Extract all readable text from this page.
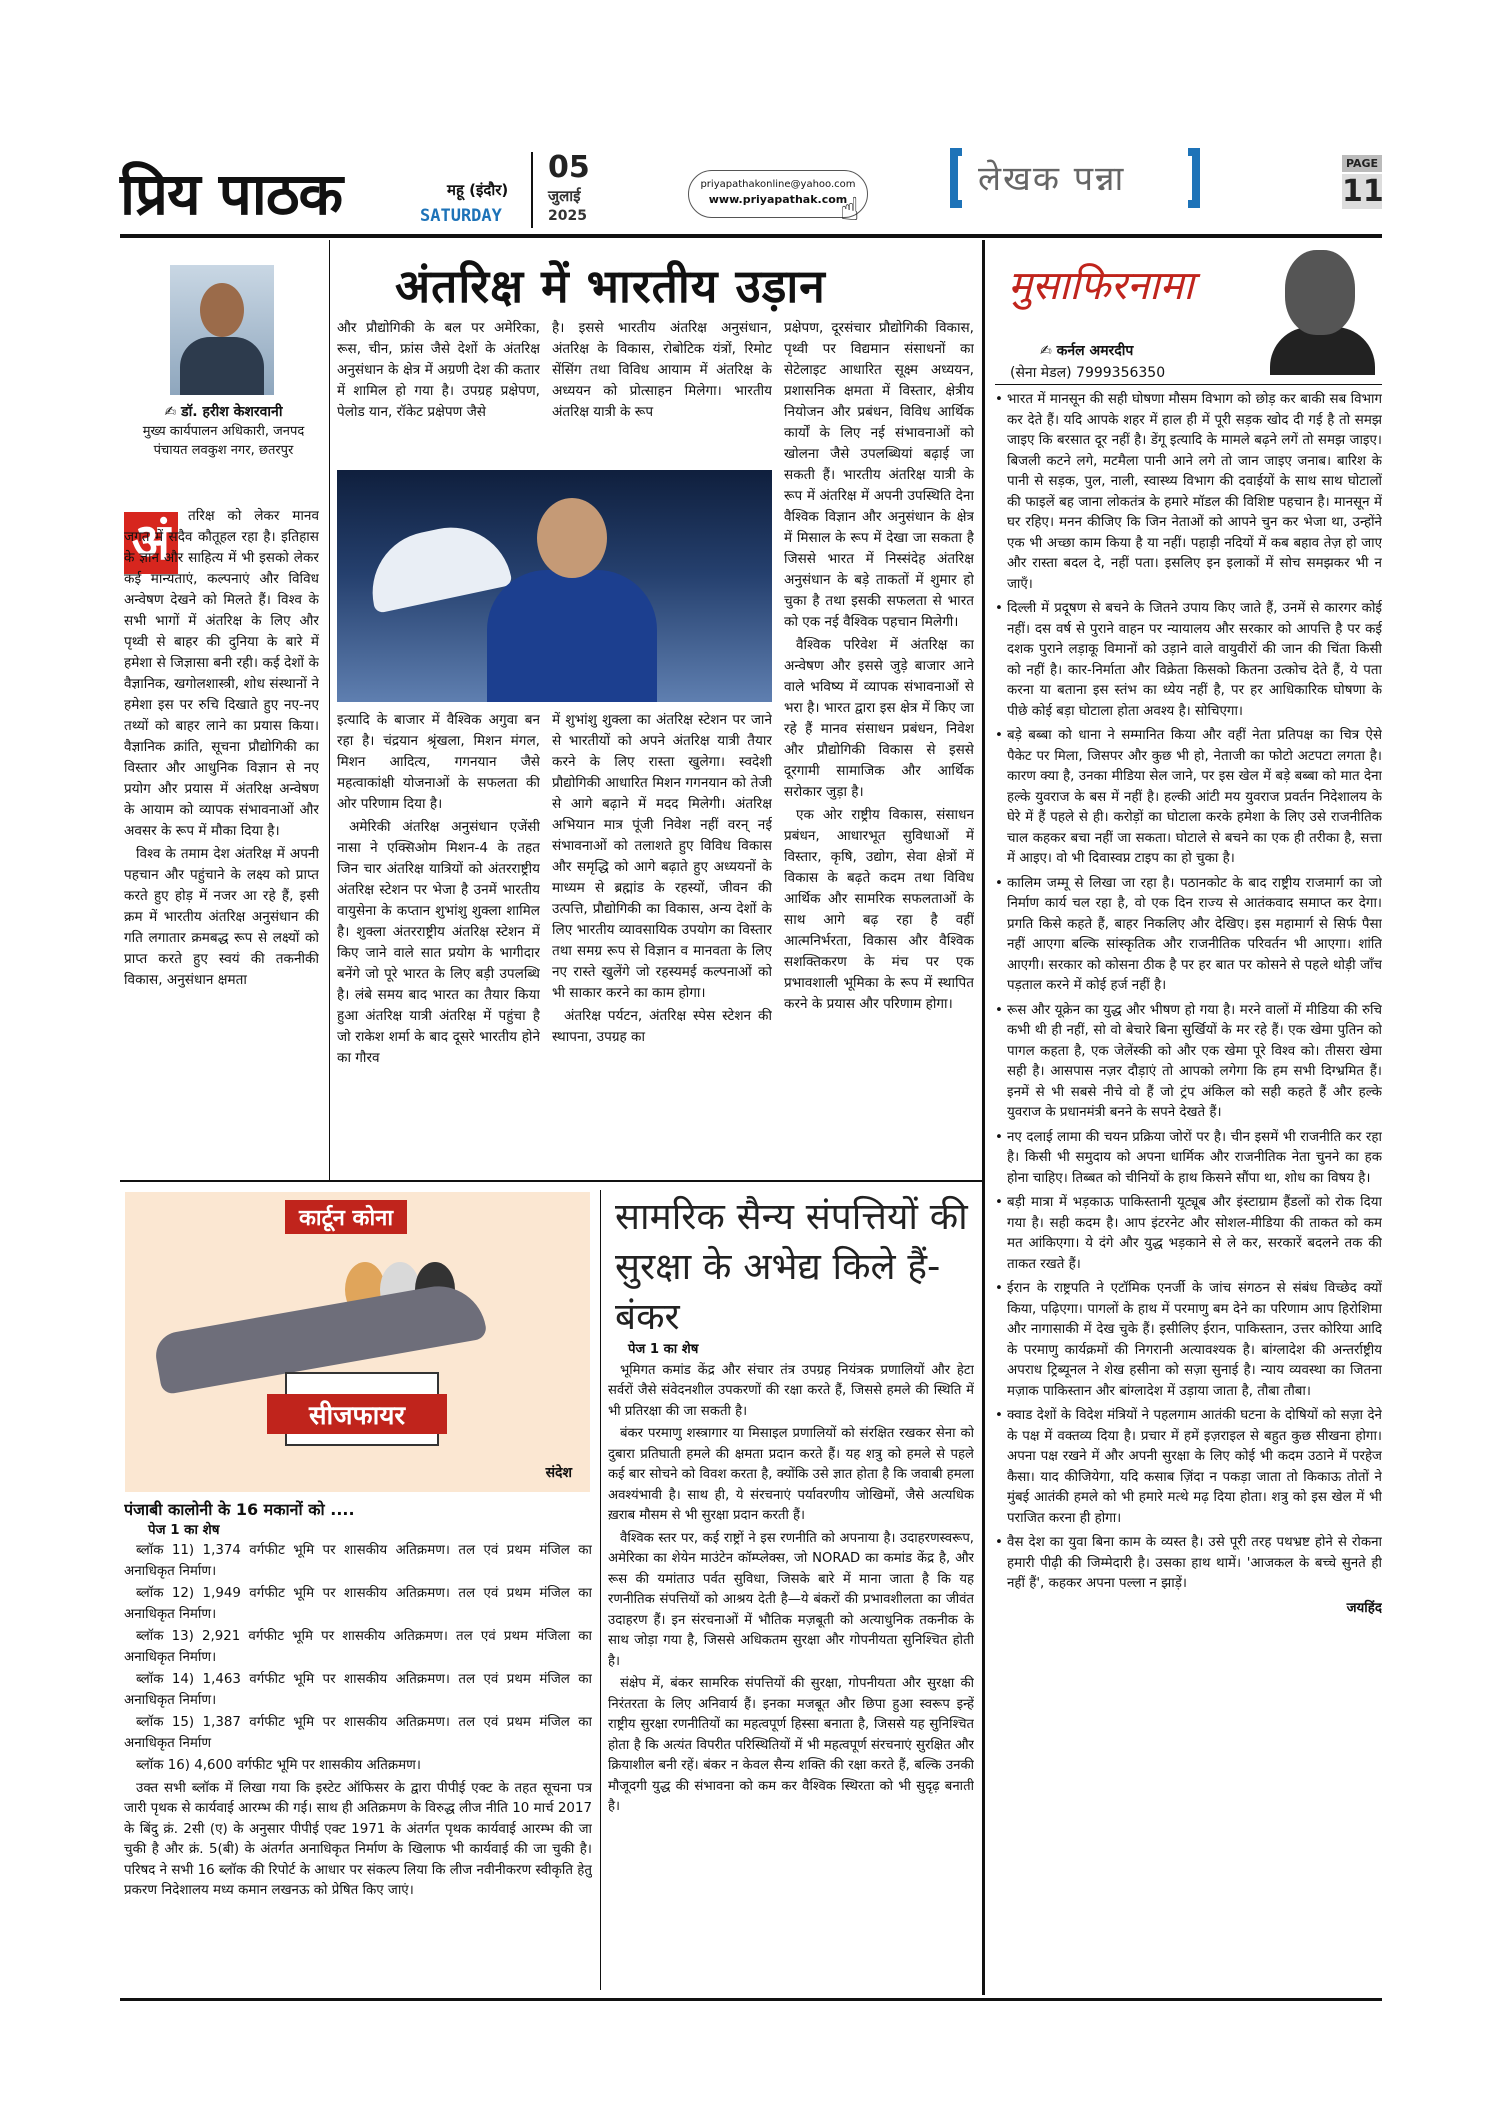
प्रिय पाठक	महू (इंदौर)
SATURDAY
05
जुलाई
2025
priyapathakonline@yahoo.com
www.priyapathak.com
☝
लेखक पन्ना	PAGE
11
अंतरिक्ष में भारतीय उड़ान
✍ डॉ. हरीश केशरवानी
मुख्य कार्यपालन अधिकारी, जनपद पंचायत लवकुश नगर, छतरपुर
अं	तरिक्ष को लेकर मानव जगत में सदैव कौतूहल रहा है। इतिहास के ज्ञान और साहित्य में भी इसको लेकर कई मान्यताएं, कल्पनाएं और विविध अन्वेषण देखने को मिलते हैं। विश्व के सभी भागों में अंतरिक्ष के लिए और पृथ्वी से बाहर की दुनिया के बारे में हमेशा से जिज्ञासा बनी रही। कई देशों के वैज्ञानिक, खगोलशास्त्री, शोध संस्थानों ने हमेशा इस पर रुचि दिखाते हुए नए-नए तथ्यों को बाहर लाने का प्रयास किया। वैज्ञानिक क्रांति, सूचना प्रौद्योगिकी का विस्तार और आधुनिक विज्ञान से नए प्रयोग और प्रयास में अंतरिक्ष अन्वेषण के आयाम को व्यापक संभावनाओं और अवसर के रूप में मौका दिया है।

विश्व के तमाम देश अंतरिक्ष में अपनी पहचान और पहुंचाने के लक्ष्य को प्राप्त करते हुए होड़ में नजर आ रहे हैं, इसी क्रम में भारतीय अंतरिक्ष अनुसंधान की गति लगातार क्रमबद्ध रूप से लक्ष्यों को प्राप्त करते हुए स्वयं की तकनीकी विकास, अनुसंधान क्षमता

और प्रौद्योगिकी के बल पर अमेरिका, रूस, चीन, फ्रांस जैसे देशों के अंतरिक्ष अनुसंधान के क्षेत्र में अग्रणी देश की कतार में शामिल हो गया है। उपग्रह प्रक्षेपण, पेलोड यान, रॉकेट प्रक्षेपण जैसे

है। इससे भारतीय अंतरिक्ष अनुसंधान, अंतरिक्ष के विकास, रोबोटिक यंत्रों, रिमोट सेंसिंग तथा विविध आयाम में अंतरिक्ष के अध्ययन को प्रोत्साहन मिलेगा। भारतीय अंतरिक्ष यात्री के रूप

इत्यादि के बाजार में वैश्विक अगुवा बन रहा है। चंद्रयान श्रृंखला, मिशन मंगल, मिशन आदित्य, गगनयान जैसे महत्वाकांक्षी योजनाओं के सफलता की ओर परिणाम दिया है।

अमेरिकी अंतरिक्ष अनुसंधान एजेंसी नासा ने एक्सिओम मिशन-4 के तहत जिन चार अंतरिक्ष यात्रियों को अंतरराष्ट्रीय अंतरिक्ष स्टेशन पर भेजा है उनमें भारतीय वायुसेना के कप्तान शुभांशु शुक्ला शामिल है। शुक्ला अंतरराष्ट्रीय अंतरिक्ष स्टेशन में किए जाने वाले सात प्रयोग के भागीदार बनेंगे जो पूरे भारत के लिए बड़ी उपलब्धि है। लंबे समय बाद भारत का तैयार किया हुआ अंतरिक्ष यात्री अंतरिक्ष में पहुंचा है जो राकेश शर्मा के बाद दूसरे भारतीय होने का गौरव

में शुभांशु शुक्ला का अंतरिक्ष स्टेशन पर जाने से भारतीयों को अपने अंतरिक्ष यात्री तैयार करने के लिए रास्ता खुलेगा। स्वदेशी प्रौद्योगिकी आधारित मिशन गगनयान को तेजी से आगे बढ़ाने में मदद मिलेगी। अंतरिक्ष अभियान मात्र पूंजी निवेश नहीं वरन् नई संभावनाओं को तलाशते हुए विविध विकास और समृद्धि को आगे बढ़ाते हुए अध्ययनों के माध्यम से ब्रह्मांड के रहस्यों, जीवन की उत्पत्ति, प्रौद्योगिकी का विकास, अन्य देशों के लिए भारतीय व्यावसायिक उपयोग का विस्तार तथा समग्र रूप से विज्ञान व मानवता के लिए नए रास्ते खुलेंगे जो रहस्यमई कल्पनाओं को भी साकार करने का काम होगा।

अंतरिक्ष पर्यटन, अंतरिक्ष स्पेस स्टेशन की स्थापना, उपग्रह का

प्रक्षेपण, दूरसंचार प्रौद्योगिकी विकास, पृथ्वी पर विद्यमान संसाधनों का सेटेलाइट आधारित सूक्ष्म अध्ययन, प्रशासनिक क्षमता में विस्तार, क्षेत्रीय नियोजन और प्रबंधन, विविध आर्थिक कार्यों के लिए नई संभावनाओं को खोलना जैसे उपलब्धियां बढ़ाई जा सकती हैं। भारतीय अंतरिक्ष यात्री के रूप में अंतरिक्ष में अपनी उपस्थिति देना वैश्विक विज्ञान और अनुसंधान के क्षेत्र में मिसाल के रूप में देखा जा सकता है जिससे भारत में निस्संदेह अंतरिक्ष अनुसंधान के बड़े ताकतों में शुमार हो चुका है तथा इसकी सफलता से भारत को एक नई वैश्विक पहचान मिलेगी।

वैश्विक परिवेश में अंतरिक्ष का अन्वेषण और इससे जुड़े बाजार आने वाले भविष्य में व्यापक संभावनाओं से भरा है। भारत द्वारा इस क्षेत्र में किए जा रहे हैं मानव संसाधन प्रबंधन, निवेश और प्रौद्योगिकी विकास से इससे दूरगामी सामाजिक और आर्थिक सरोकार जुड़ा है।

एक ओर राष्ट्रीय विकास, संसाधन प्रबंधन, आधारभूत सुविधाओं में विस्तार, कृषि, उद्योग, सेवा क्षेत्रों में विकास के बढ़ते कदम तथा विविध आर्थिक और सामरिक सफलताओं के साथ आगे बढ़ रहा है वहीं आत्मनिर्भरता, विकास और वैश्विक सशक्तिकरण के मंच पर एक प्रभावशाली भूमिका के रूप में स्थापित करने के प्रयास और परिणाम होगा।

कार्टून कोना
सीजफायर
संदेश
पंजाबी कालोनी के 16 मकानों को ....
पेज 1 का शेष

ब्लॉक 11) 1,374 वर्गफीट भूमि पर शासकीय अतिक्रमण। तल एवं प्रथम मंजिल का अनाधिकृत निर्माण।

ब्लॉक 12) 1,949 वर्गफीट भूमि पर शासकीय अतिक्रमण। तल एवं प्रथम मंजिल का अनाधिकृत निर्माण।

ब्लॉक 13) 2,921 वर्गफीट भूमि पर शासकीय अतिक्रमण। तल एवं प्रथम मंजिला का अनाधिकृत निर्माण।

ब्लॉक 14) 1,463 वर्गफीट भूमि पर शासकीय अतिक्रमण। तल एवं प्रथम मंजिल का अनाधिकृत निर्माण।

ब्लॉक 15) 1,387 वर्गफीट भूमि पर शासकीय अतिक्रमण। तल एवं प्रथम मंजिल का अनाधिकृत निर्माण

ब्लॉक 16) 4,600 वर्गफीट भूमि पर शासकीय अतिक्रमण।

उक्त सभी ब्लॉक में लिखा गया कि इस्टेट ऑफिसर के द्वारा पीपीई एक्ट के तहत सूचना पत्र जारी पृथक से कार्यवाई आरम्भ की गई। साथ ही अतिक्रमण के विरुद्ध लीज नीति 10 मार्च 2017 के बिंदु क्रं. 2सी (ए) के अनुसार पीपीई एक्ट 1971 के अंतर्गत पृथक कार्यवाई आरम्भ की जा चुकी है और क्रं. 5(बी) के अंतर्गत अनाधिकृत निर्माण के खिलाफ भी कार्यवाई की जा चुकी है। परिषद ने सभी 16 ब्लॉक की रिपोर्ट के आधार पर संकल्प लिया कि लीज नवीनीकरण स्वीकृति हेतु प्रकरण निदेशालय मध्य कमान लखनऊ को प्रेषित किए जाएं।

सामरिक सैन्य संपत्तियों की सुरक्षा के अभेद्य किले हैं- बंकर
पेज 1 का शेष

भूमिगत कमांड केंद्र और संचार तंत्र उपग्रह नियंत्रक प्रणालियों और हेटा सर्वरों जैसे संवेदनशील उपकरणों की रक्षा करते हैं, जिससे हमले की स्थिति में भी प्रतिरक्षा की जा सकती है।

बंकर परमाणु शस्त्रागार या मिसाइल प्रणालियों को संरक्षित रखकर सेना को दुबारा प्रतिघाती हमले की क्षमता प्रदान करते हैं। यह शत्रु को हमले से पहले कई बार सोचने को विवश करता है, क्योंकि उसे ज्ञात होता है कि जवाबी हमला अवश्यंभावी है। साथ ही, ये संरचनाएं पर्यावरणीय जोखिमों, जैसे अत्यधिक ख़राब मौसम से भी सुरक्षा प्रदान करती हैं।

वैश्विक स्तर पर, कई राष्ट्रों ने इस रणनीति को अपनाया है। उदाहरणस्वरूप, अमेरिका का शेयेन माउंटेन कॉम्प्लेक्स, जो NORAD का कमांड केंद्र है, और रूस की यमांताउ पर्वत सुविधा, जिसके बारे में माना जाता है कि यह रणनीतिक संपत्तियों को आश्रय देती है—ये बंकरों की प्रभावशीलता का जीवंत उदाहरण हैं। इन संरचनाओं में भौतिक मज़बूती को अत्याधुनिक तकनीक के साथ जोड़ा गया है, जिससे अधिकतम सुरक्षा और गोपनीयता सुनिश्चित होती है।

संक्षेप में, बंकर सामरिक संपत्तियों की सुरक्षा, गोपनीयता और सुरक्षा की निरंतरता के लिए अनिवार्य हैं। इनका मजबूत और छिपा हुआ स्वरूप इन्हें राष्ट्रीय सुरक्षा रणनीतियों का महत्वपूर्ण हिस्सा बनाता है, जिससे यह सुनिश्चित होता है कि अत्यंत विपरीत परिस्थितियों में भी महत्वपूर्ण संरचनाएं सुरक्षित और क्रियाशील बनी रहें। बंकर न केवल सैन्य शक्ति की रक्षा करते हैं, बल्कि उनकी मौजूदगी युद्ध की संभावना को कम कर वैश्विक स्थिरता को भी सुदृढ़ बनाती है।

मुसाफिरनामा
✍ कर्नल अमरदीप
(सेना मेडल) 7999356350
• भारत में मानसून की सही घोषणा मौसम विभाग को छोड़ कर बाकी सब विभाग कर देते हैं। यदि आपके शहर में हाल ही में पूरी सड़क खोद दी गई है तो समझ जाइए कि बरसात दूर नहीं है। डेंगू इत्यादि के मामले बढ़ने लगें तो समझ जाइए। बिजली कटने लगे, मटमैला पानी आने लगे तो जान जाइए जनाब। बारिश के पानी से सड़क, पुल, नाली, स्वास्थ्य विभाग की दवाईयों के साथ साथ घोटालों की फाइलें बह जाना लोकतंत्र के हमारे मॉडल की विशिष्ट पहचान है। मानसून में घर रहिए। मनन कीजिए कि जिन नेताओं को आपने चुन कर भेजा था, उन्होंने एक भी अच्छा काम किया है या नहीं। पहाड़ी नदियों में कब बहाव तेज़ हो जाए और रास्ता बदल दे, नहीं पता। इसलिए इन इलाकों में सोच समझकर भी न जाएँ।
• दिल्ली में प्रदूषण से बचने के जितने उपाय किए जाते हैं, उनमें से कारगर कोई नहीं। दस वर्ष से पुराने वाहन पर न्यायालय और सरकार को आपत्ति है पर कई दशक पुराने लड़ाकू विमानों को उड़ाने वाले वायुवीरों की जान की चिंता किसी को नहीं है। कार-निर्माता और विक्रेता किसको कितना उत्कोच देते हैं, ये पता करना या बताना इस स्तंभ का ध्येय नहीं है, पर हर आधिकारिक घोषणा के पीछे कोई बड़ा घोटाला होता अवश्य है। सोचिएगा।
• बड़े बब्बा को धाना ने सम्मानित किया और वहीं नेता प्रतिपक्ष का चित्र ऐसे पैकेट पर मिला, जिसपर और कुछ भी हो, नेताजी का फोटो अटपटा लगता है। कारण क्या है, उनका मीडिया सेल जाने, पर इस खेल में बड़े बब्बा को मात देना हल्के युवराज के बस में नहीं है। हल्की आंटी मय युवराज प्रवर्तन निदेशालय के घेरे में हैं पहले से ही। करोड़ों का घोटाला करके हमेशा के लिए उसे राजनीतिक चाल कहकर बचा नहीं जा सकता। घोटाले से बचने का एक ही तरीका है, सत्ता में आइए। वो भी दिवास्वप्न टाइप का हो चुका है।
• कालिम जम्मू से लिखा जा रहा है। पठानकोट के बाद राष्ट्रीय राजमार्ग का जो निर्माण कार्य चल रहा है, वो एक दिन राज्य से आतंकवाद समाप्त कर देगा। प्रगति किसे कहते हैं, बाहर निकलिए और देखिए। इस महामार्ग से सिर्फ पैसा नहीं आएगा बल्कि सांस्कृतिक और राजनीतिक परिवर्तन भी आएगा। शांति आएगी। सरकार को कोसना ठीक है पर हर बात पर कोसने से पहले थोड़ी जाँच पड़ताल करने में कोई हर्ज नहीं है।
• रूस और यूक्रेन का युद्ध और भीषण हो गया है। मरने वालों में मीडिया की रुचि कभी थी ही नहीं, सो वो बेचारे बिना सुर्खियों के मर रहे हैं। एक खेमा पुतिन को पागल कहता है, एक जेलेंस्की को और एक खेमा पूरे विश्व को। तीसरा खेमा सही है। आसपास नज़र दौड़ाएं तो आपको लगेगा कि हम सभी दिग्भ्रमित हैं। इनमें से भी सबसे नीचे वो हैं जो ट्रंप अंकिल को सही कहते हैं और हल्के युवराज के प्रधानमंत्री बनने के सपने देखते हैं।
• नए दलाई लामा की चयन प्रक्रिया जोरों पर है। चीन इसमें भी राजनीति कर रहा है। किसी भी समुदाय को अपना धार्मिक और राजनीतिक नेता चुनने का हक होना चाहिए। तिब्बत को चीनियों के हाथ किसने सौंपा था, शोध का विषय है।
• बड़ी मात्रा में भड़काऊ पाकिस्तानी यूट्यूब और इंस्टाग्राम हैंडलों को रोक दिया गया है। सही कदम है। आप इंटरनेट और सोशल-मीडिया की ताकत को कम मत आंकिएगा। ये दंगे और युद्ध भड़काने से ले कर, सरकारें बदलने तक की ताकत रखते हैं।
• ईरान के राष्ट्रपति ने एटॉमिक एनर्जी के जांच संगठन से संबंध विच्छेद क्यों किया, पढ़िएगा। पागलों के हाथ में परमाणु बम देने का परिणाम आप हिरोशिमा और नागासाकी में देख चुके हैं। इसीलिए ईरान, पाकिस्तान, उत्तर कोरिया आदि के परमाणु कार्यक्रमों की निगरानी अत्यावश्यक है। बांग्लादेश की अन्तर्राष्ट्रीय अपराध ट्रिब्यूनल ने शेख हसीना को सज़ा सुनाई है। न्याय व्यवस्था का जितना मज़ाक पाकिस्तान और बांग्लादेश में उड़ाया जाता है, तौबा तौबा।
• क्वाड देशों के विदेश मंत्रियों ने पहलगाम आतंकी घटना के दोषियों को सज़ा देने के पक्ष में वक्तव्य दिया है। प्रचार में हमें इज़राइल से बहुत कुछ सीखना होगा। अपना पक्ष रखने में और अपनी सुरक्षा के लिए कोई भी कदम उठाने में परहेज कैसा। याद कीजियेगा, यदि कसाब ज़िंदा न पकड़ा जाता तो किकाऊ तोतों ने मुंबई आतंकी हमले को भी हमारे मत्थे मढ़ दिया होता। शत्रु को इस खेल में भी पराजित करना ही होगा।
• वैस देश का युवा बिना काम के व्यस्त है। उसे पूरी तरह पथभ्रष्ट होने से रोकना हमारी पीढ़ी की जिम्मेदारी है। उसका हाथ थामें। 'आजकल के बच्चे सुनते ही नहीं हैं', कहकर अपना पल्ला न झाड़ें।
जयहिंद
